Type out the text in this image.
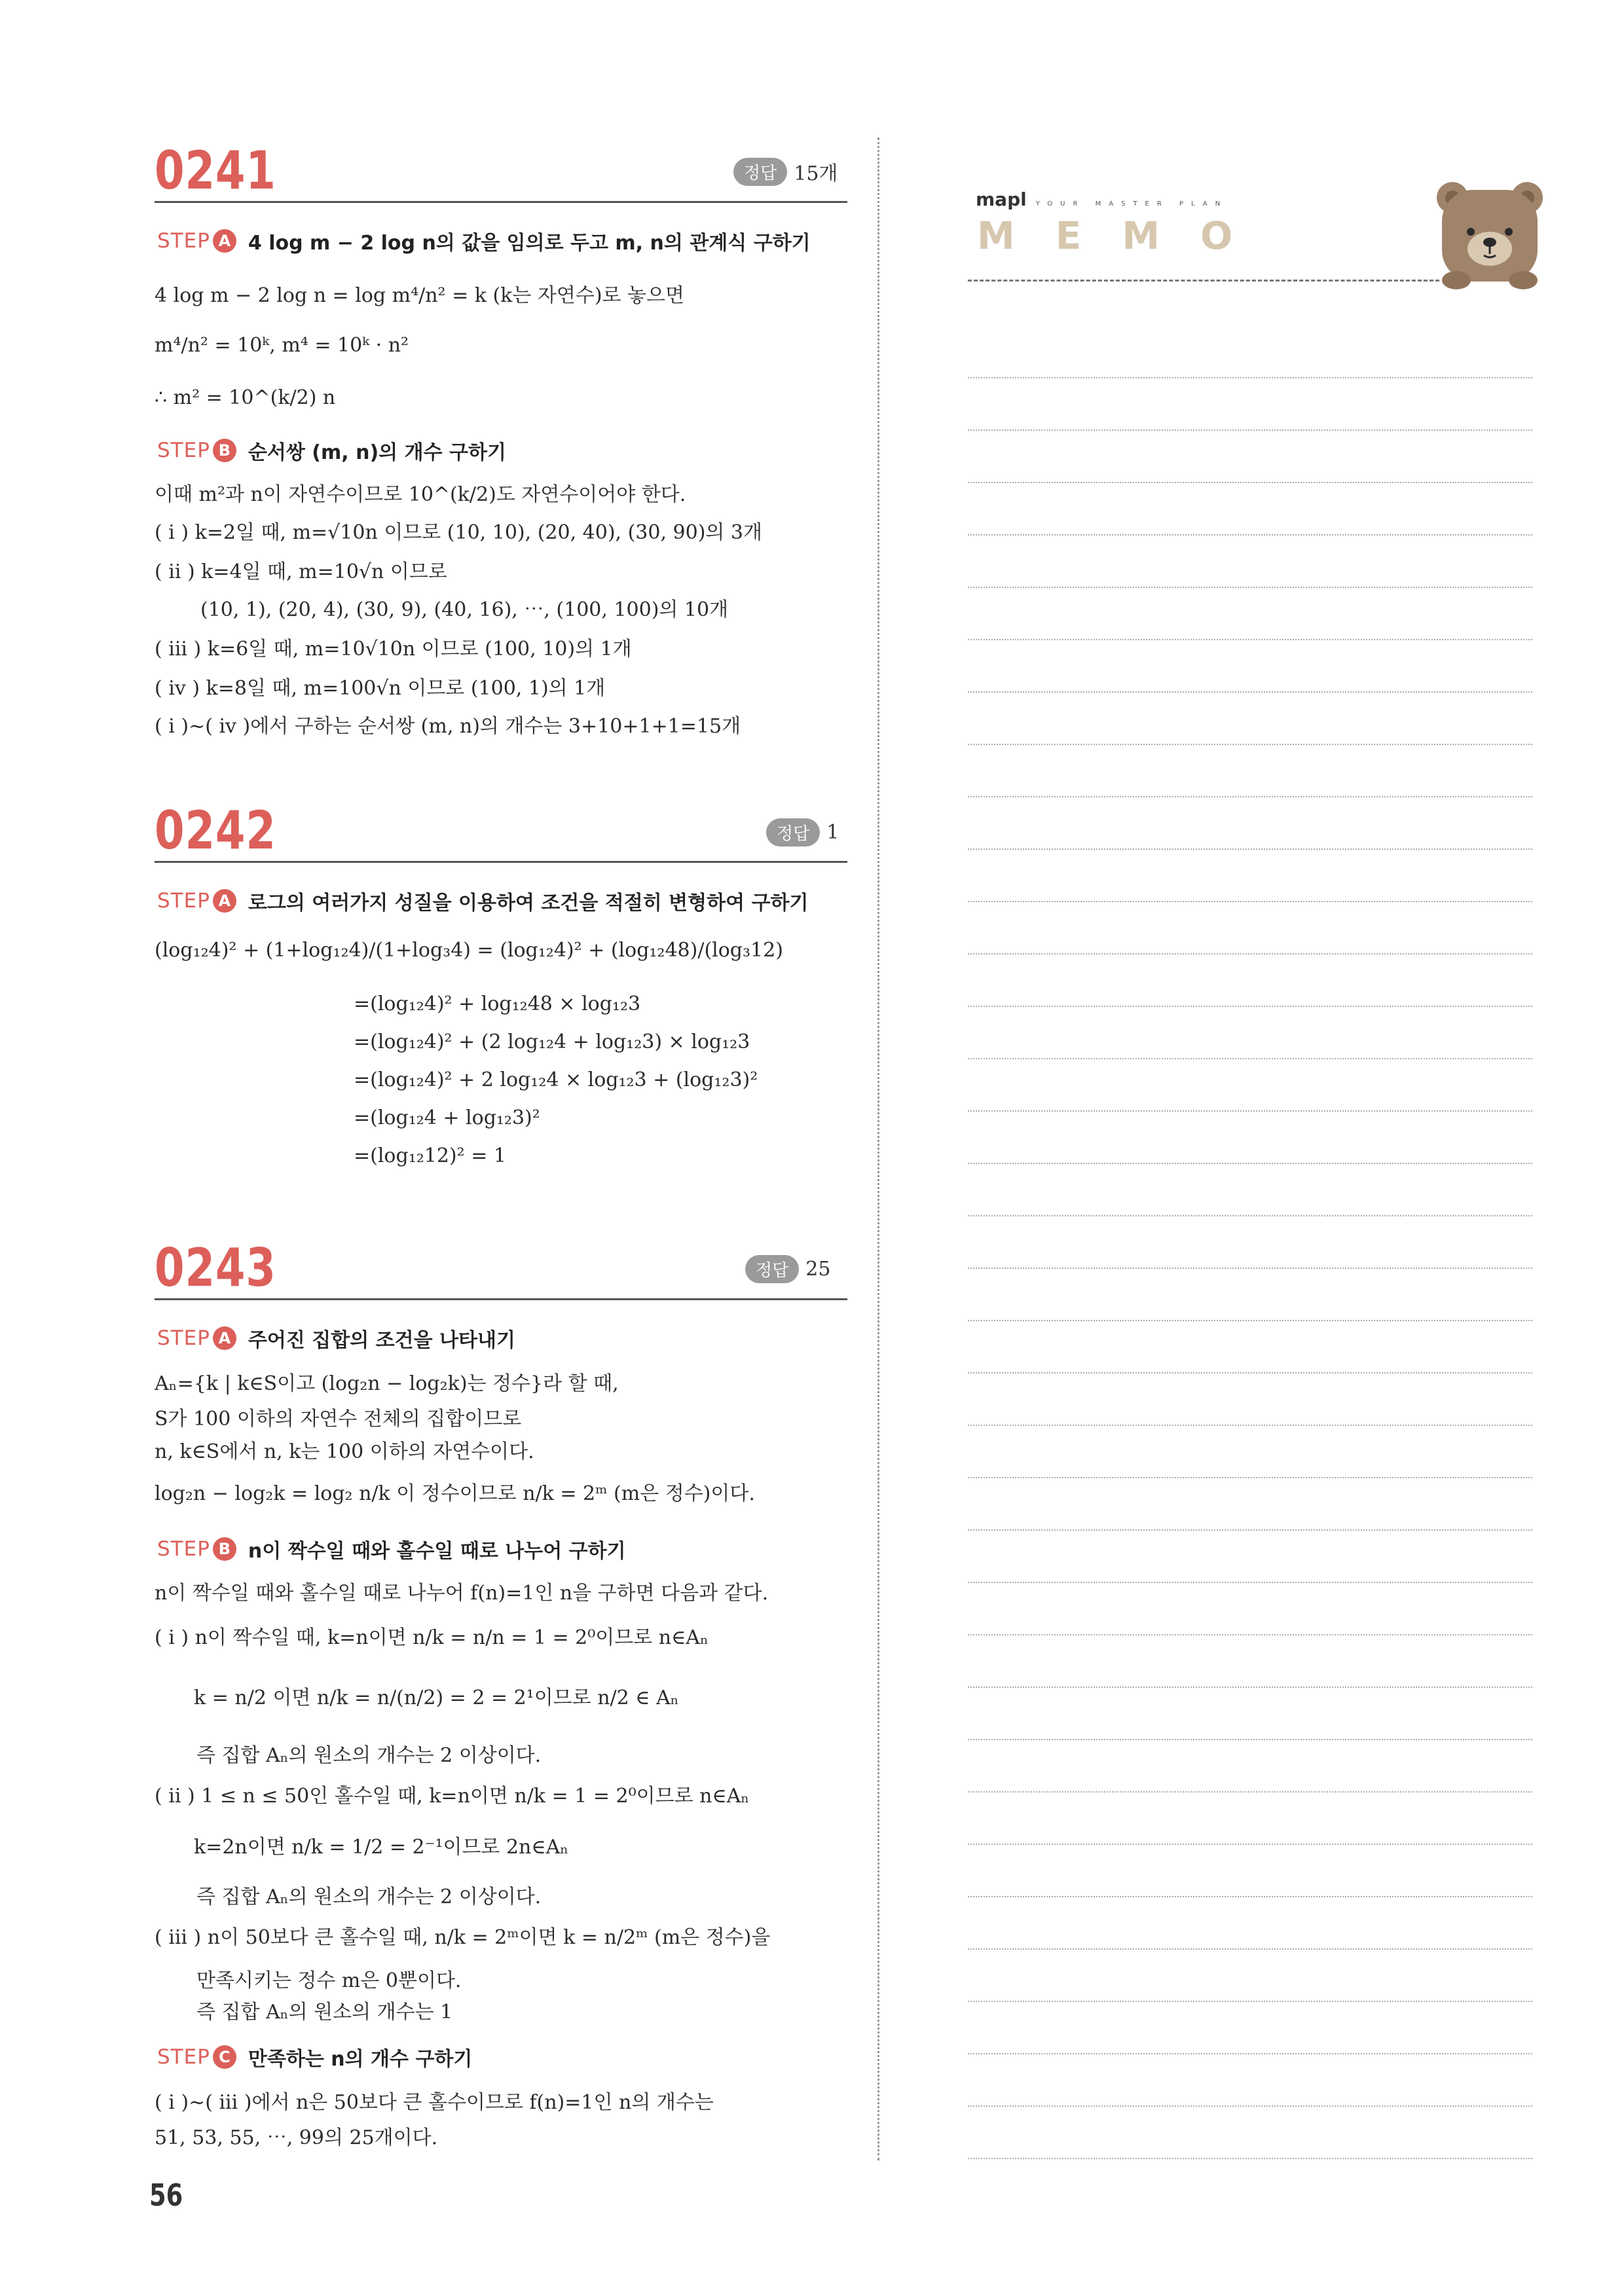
0241	정답 15개
STEP A 4 log m − 2 log n의 값을 임의로 두고 m, n의 관계식 구하기
4 log m − 2 log n = log m⁴/n² = k (k는 자연수)로 놓으면
m⁴/n² = 10ᵏ, m⁴ = 10ᵏ · n²
∴ m² = 10^(k/2) n
STEP B 순서쌍 (m, n)의 개수 구하기
이때 m²과 n이 자연수이므로 10^(k/2)도 자연수이어야 한다.
( i ) k=2일 때, m=√10n 이므로 (10, 10), (20, 40), (30, 90)의 3개
( ii ) k=4일 때, m=10√n 이므로
(10, 1), (20, 4), (30, 9), (40, 16), ⋯, (100, 100)의 10개
( iii ) k=6일 때, m=10√10n 이므로 (100, 10)의 1개
( iv ) k=8일 때, m=100√n 이므로 (100, 1)의 1개
( i )~( iv )에서 구하는 순서쌍 (m, n)의 개수는 3+10+1+1=15개
0242	정답 1
STEP A 로그의 여러가지 성질을 이용하여 조건을 적절히 변형하여 구하기
(log₁₂4)² + (1+log₁₂4)/(1+log₃4) = (log₁₂4)² + (log₁₂48)/(log₃12)
=(log₁₂4)² + log₁₂48 × log₁₂3
=(log₁₂4)² + (2 log₁₂4 + log₁₂3) × log₁₂3
=(log₁₂4)² + 2 log₁₂4 × log₁₂3 + (log₁₂3)²
=(log₁₂4 + log₁₂3)²
=(log₁₂12)² = 1
0243	정답 25
STEP A 주어진 집합의 조건을 나타내기
Aₙ={k | k∈S이고 (log₂n − log₂k)는 정수}라 할 때,
S가 100 이하의 자연수 전체의 집합이므로
n, k∈S에서 n, k는 100 이하의 자연수이다.
log₂n − log₂k = log₂ n/k 이 정수이므로 n/k = 2ᵐ (m은 정수)이다.
STEP B n이 짝수일 때와 홀수일 때로 나누어 구하기
n이 짝수일 때와 홀수일 때로 나누어 f(n)=1인 n을 구하면 다음과 같다.
( i ) n이 짝수일 때, k=n이면 n/k = n/n = 1 = 2⁰이므로 n∈Aₙ
k = n/2 이면 n/k = n/(n/2) = 2 = 2¹이므로 n/2 ∈ Aₙ
즉 집합 Aₙ의 원소의 개수는 2 이상이다.
( ii ) 1 ≤ n ≤ 50인 홀수일 때, k=n이면 n/k = 1 = 2⁰이므로 n∈Aₙ
k=2n이면 n/k = 1/2 = 2⁻¹이므로 2n∈Aₙ
즉 집합 Aₙ의 원소의 개수는 2 이상이다.
( iii ) n이 50보다 큰 홀수일 때, n/k = 2ᵐ이면 k = n/2ᵐ (m은 정수)을
만족시키는 정수 m은 0뿐이다.
즉 집합 Aₙ의 원소의 개수는 1
STEP C 만족하는 n의 개수 구하기
( i )~( iii )에서 n은 50보다 큰 홀수이므로 f(n)=1인 n의 개수는
51, 53, 55, ⋯, 99의 25개이다.
56
mapl YOUR MASTER PLAN
MEMO
